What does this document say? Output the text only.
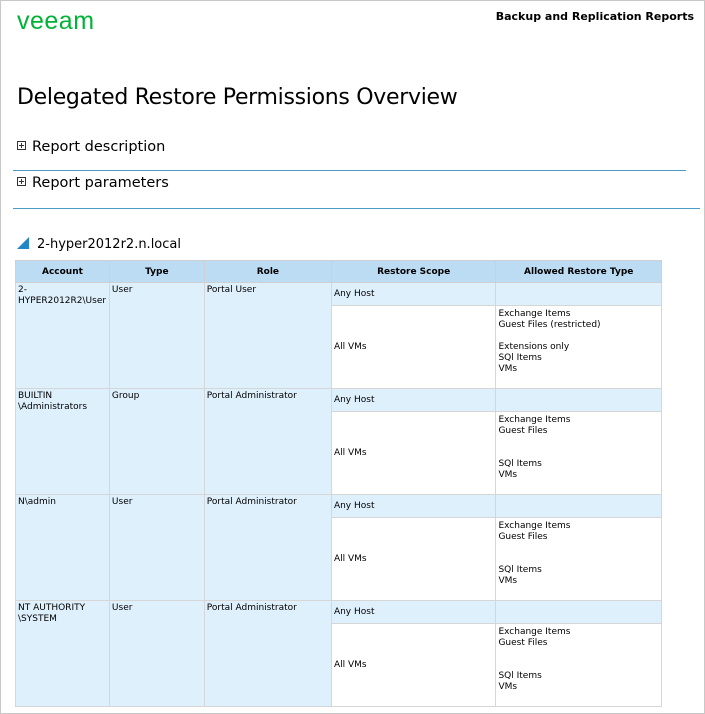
veeam	Backup and Replication Reports
Delegated Restore Permissions Overview
Report description
Report parameters
2-hyper2012r2.n.local
Account	Type	Role	Restore Scope	Allowed Restore Type

2-
HYPER2012R2\User	User	Portal User	Any Host	
			All VMs	Exchange Items
Guest Files (restricted)
Extensions only
SQl Items
VMs

BUILTIN
\Administrators	Group	Portal Administrator	Any Host	
			All VMs	Exchange Items
Guest Files
SQl Items
VMs

N\admin	User	Portal Administrator	Any Host	
			All VMs	Exchange Items
Guest Files
SQl Items
VMs

NT AUTHORITY
\SYSTEM	User	Portal Administrator	Any Host	
			All VMs	Exchange Items
Guest Files
SQl Items
VMs
